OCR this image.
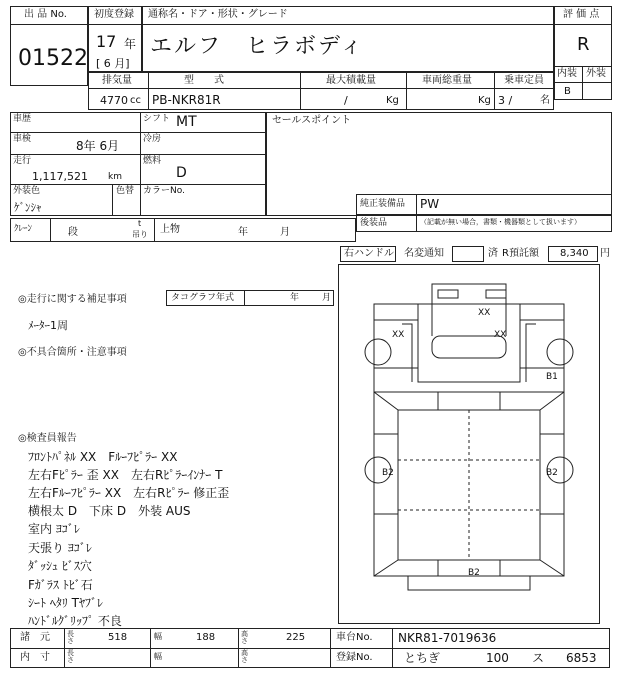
出 品 No.
01522
初度登録
17 年
[ 6 月]
通称名・ドア・形状・グレード
エルフ　ヒラボディ
評 価 点
R
内装 外装
B
排気量
4770 cc
型　　式
PB-NKR81R
最大積載量
/	Kg
車両総重量
Kg
乗車定員
3 /	名
車歴	シフト MT
車検	8年 6月	冷房
走行
1,117,521 km
燃料
D
外装色
ｹﾞﾝｼｬ
色替 カラーNo.
セールスポイント
純正装備品 PW
後装品	（記載が無い場合，書類・機器類として扱います）
ｸﾚｰﾝ	段
t
吊り 上物	年	月
右ハンドル 名変通知	済 R預託額 8,340 円
◎走行に関する補足事項	タコグラフ年式	年	月
ﾒｰﾀｰ1周
◎不具合箇所・注意事項
◎検査員報告
ﾌﾛﾝﾄﾊﾟﾈﾙ XX　Fﾙｰﾌﾋﾟﾗｰ XX
左右Fﾋﾟﾗｰ 歪 XX　左右Rﾋﾟﾗｰｲﾝﾅｰ T
左右Fﾙｰﾌﾋﾟﾗｰ XX　左右Rﾋﾟﾗｰ 修正歪
横根太 D　下床 D　外装 AUS
室内 ﾖｺﾞﾚ
天張り ﾖｺﾞﾚ
ﾀﾞｯｼｭ ﾋﾞｽ穴
Fｶﾞﾗｽ ﾄﾋﾞ石
ｼｰﾄ ﾍﾀﾘ Tﾔﾌﾞﾚ
ﾊﾝﾄﾞﾙｸﾞﾘｯﾌﾟ 不良
XX
XX	XX
B1
B2	B2
B2
諸　元 長さ	518	幅	188	高さ	225	車台No. NKR81-7019636
内　寸 長さ	幅	高さ	登録No.	とちぎ	100 ス 6853
